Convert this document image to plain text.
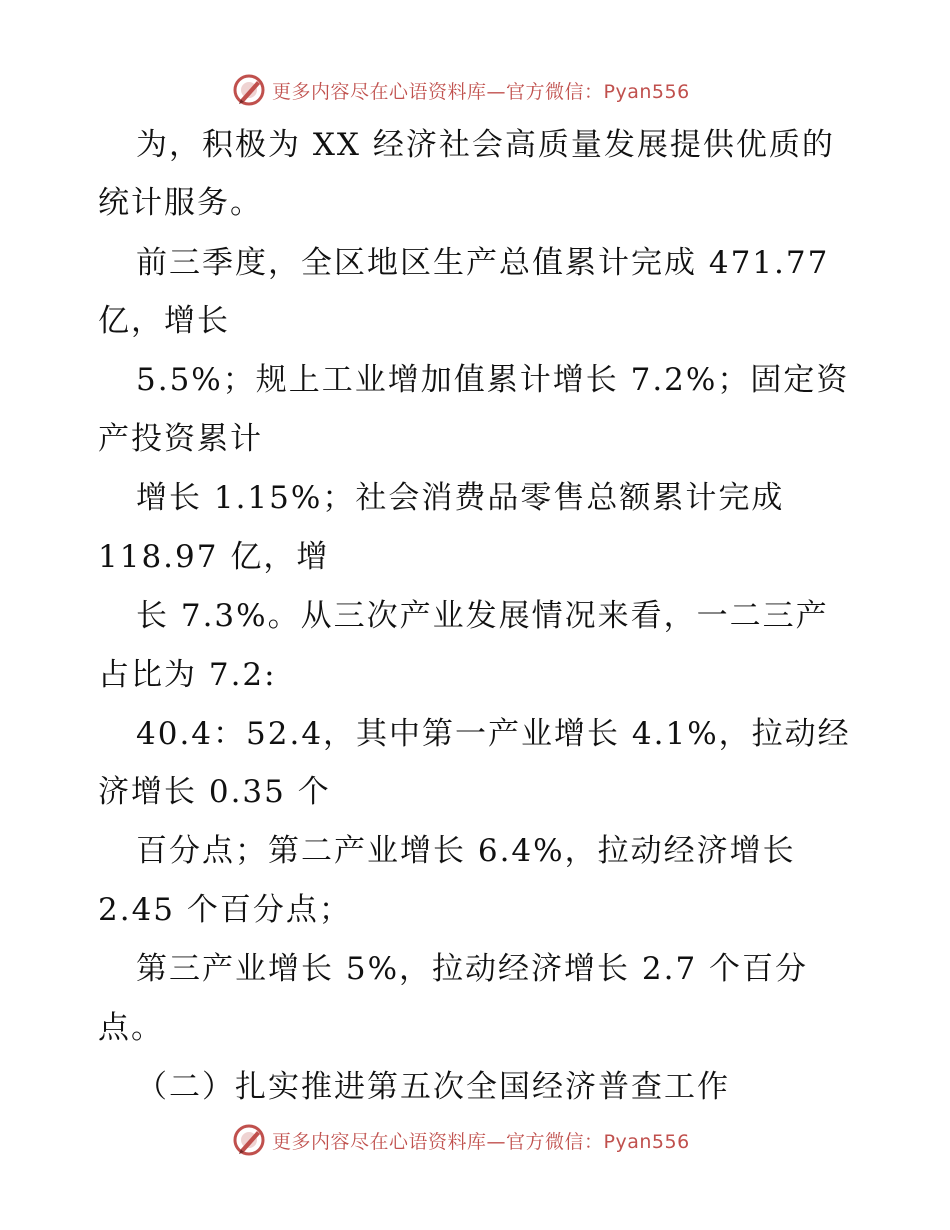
更多内容尽在心语资料库—官方微信：Pyan556
为，积极为 XX 经济社会高质量发展提供优质的
统计服务。
前三季度，全区地区生产总值累计完成 471.77
亿，增长
5.5%；规上工业增加值累计增长 7.2%；固定资
产投资累计
增长 1.15%；社会消费品零售总额累计完成
118.97 亿，增
长 7.3%。从三次产业发展情况来看，一二三产
占比为 7.2:
40.4：52.4，其中第一产业增长 4.1%，拉动经
济增长 0.35 个
百分点；第二产业增长 6.4%，拉动经济增长
2.45 个百分点；
第三产业增长 5%，拉动经济增长 2.7 个百分
点。
（二）扎实推进第五次全国经济普查工作
更多内容尽在心语资料库—官方微信：Pyan556
